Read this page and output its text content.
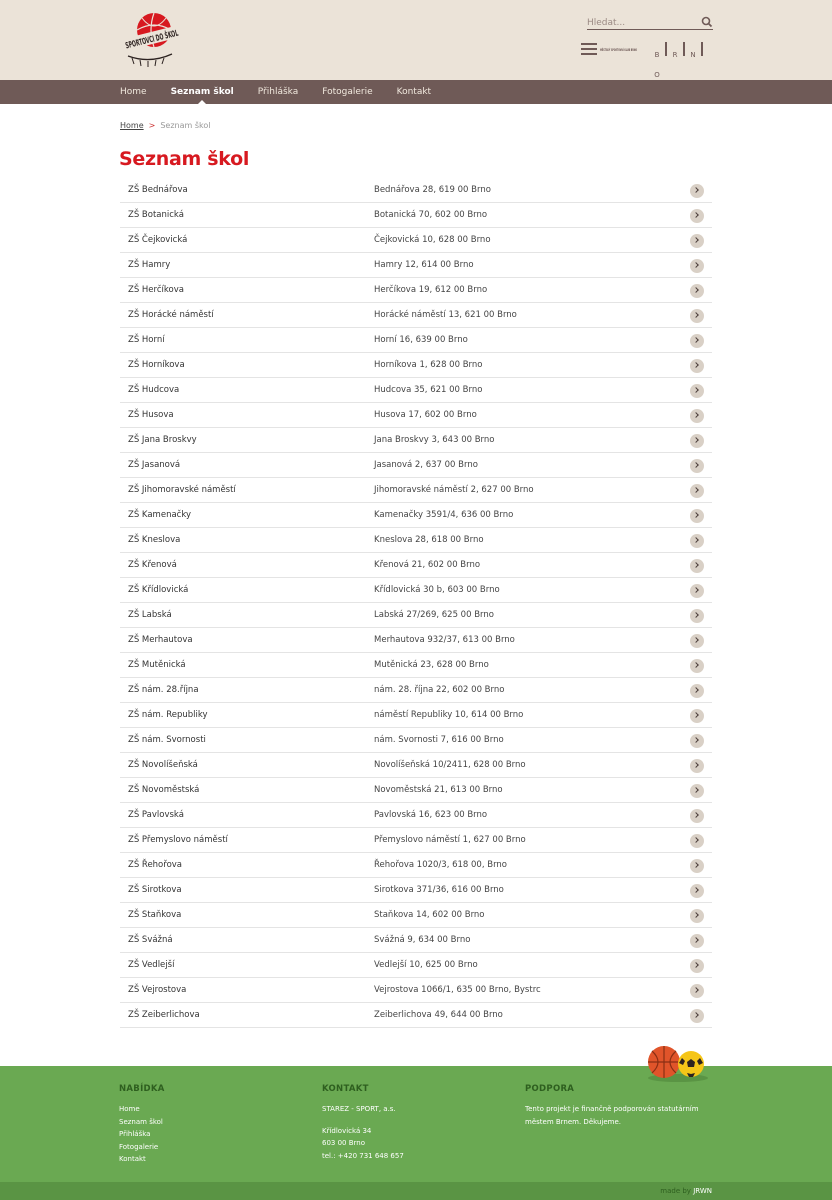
SPORTOVCI DO ŠKOL
Hledat...	MĚSTSKÝ SPORTOVNÍ KLUB BRNO
B R NO
Home	Seznam škol	Přihláška	Fotogalerie	Kontakt
Home > Seznam škol
Seznam škol
ZŠ Bednářova	Bednářova 28, 619 00 Brno
ZŠ Botanická	Botanická 70, 602 00 Brno
ZŠ Čejkovická	Čejkovická 10, 628 00 Brno
ZŠ Hamry	Hamry 12, 614 00 Brno
ZŠ Herčíkova	Herčíkova 19, 612 00 Brno
ZŠ Horácké náměstí	Horácké náměstí 13, 621 00 Brno
ZŠ Horní	Horní 16, 639 00 Brno
ZŠ Horníkova	Horníkova 1, 628 00 Brno
ZŠ Hudcova	Hudcova 35, 621 00 Brno
ZŠ Husova	Husova 17, 602 00 Brno
ZŠ Jana Broskvy	Jana Broskvy 3, 643 00 Brno
ZŠ Jasanová	Jasanová 2, 637 00 Brno
ZŠ Jihomoravské náměstí	Jihomoravské náměstí 2, 627 00 Brno
ZŠ Kamenačky	Kamenačky 3591/4, 636 00 Brno
ZŠ Kneslova	Kneslova 28, 618 00 Brno
ZŠ Křenová	Křenová 21, 602 00 Brno
ZŠ Křídlovická	Křídlovická 30 b, 603 00 Brno
ZŠ Labská	Labská 27/269, 625 00 Brno
ZŠ Merhautova	Merhautova 932/37, 613 00 Brno
ZŠ Mutěnická	Mutěnická 23, 628 00 Brno
ZŠ nám. 28.října	nám. 28. října 22, 602 00 Brno
ZŠ nám. Republiky	náměstí Republiky 10, 614 00 Brno
ZŠ nám. Svornosti	nám. Svornosti 7, 616 00 Brno
ZŠ Novolíšeňská	Novolíšeňská 10/2411, 628 00 Brno
ZŠ Novoměstská	Novoměstská 21, 613 00 Brno
ZŠ Pavlovská	Pavlovská 16, 623 00 Brno
ZŠ Přemyslovo náměstí	Přemyslovo náměstí 1, 627 00 Brno
ZŠ Řehořova	Řehořova 1020/3, 618 00, Brno
ZŠ Sirotkova	Sirotkova 371/36, 616 00 Brno
ZŠ Staňkova	Staňkova 14, 602 00 Brno
ZŠ Svážná	Svážná 9, 634 00 Brno
ZŠ Vedlejší	Vedlejší 10, 625 00 Brno
ZŠ Vejrostova	Vejrostova 1066/1, 635 00 Brno, Bystrc
ZŠ Zeiberlichova	Zeiberlichova 49, 644 00 Brno
NABÍDKA
Home
Seznam škol
Přihláška
Fotogalerie
Kontakt
KONTAKT
STAREZ - SPORT, a.s.
Křídlovická 34
603 00 Brno
tel.: +420 731 648 657
PODPORA
Tento projekt je finančně podporován statutárním městem Brnem. Děkujeme.
made by JRWN
